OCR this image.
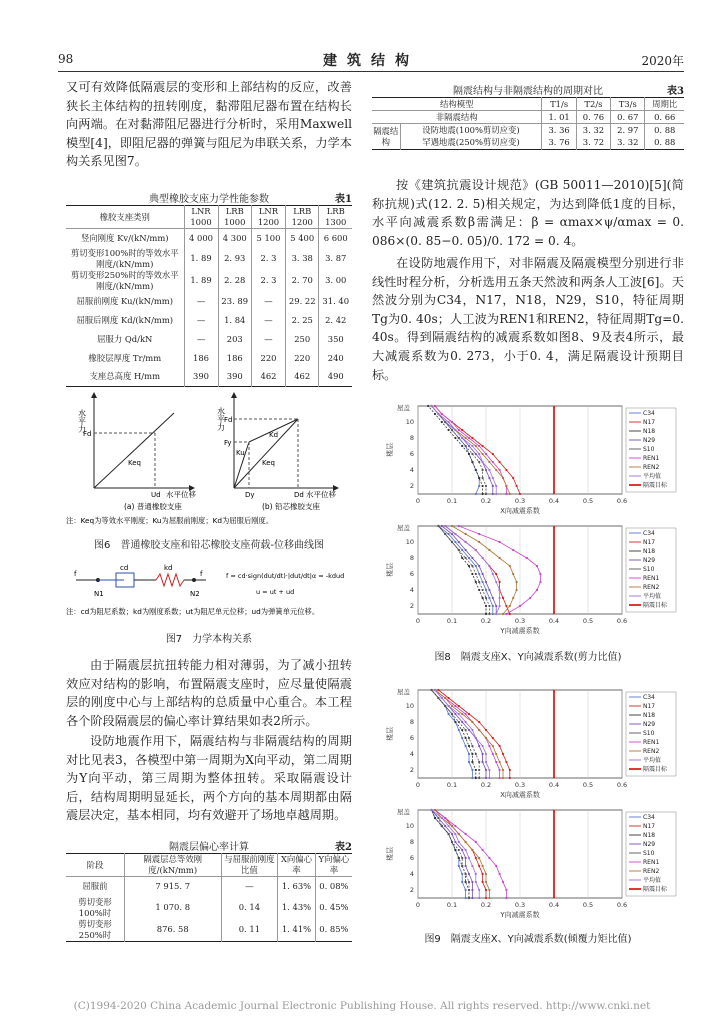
98	建筑结构	2020年
又可有效降低隔震层的变形和上部结构的反应，改善狭长主体结构的扭转刚度，黏滞阻尼器布置在结构长向两端。在对黏滞阻尼器进行分析时，采用Maxwell模型[4]，即阻尼器的弹簧与阻尼为串联关系，力学本构关系见图7。
典型橡胶支座力学性能参数	表1
橡胶支座类别	LNR 1000	LRB 1000	LNR 1200	LRB 1200	LRB 1300
竖向刚度 Kv/(kN/mm)	4 000	4 300	5 100	5 400	6 600
剪切变形100%时的等效水平刚度/(kN/mm)	1. 89	2. 93	2. 3	3. 38	3. 87
剪切变形250%时的等效水平刚度/(kN/mm)	1. 89	2. 28	2. 3	2. 70	3. 00
屈服前刚度 Ku/(kN/mm)	—	23. 89	—	29. 22	31. 40
屈服后刚度 Kd/(kN/mm)	—	1. 84	—	2. 25	2. 42
屈服力 Qd/kN	—	203	—	250	350
橡胶层厚度 Tr/mm	186	186	220	220	240
支座总高度 H/mm	390	390	462	462	490
水平力
Fd
Keq
Ud 水平位移
(a) 普通橡胶支座
水平力
Fd
Fy
Ku
Kd
Keq
Dy	Dd 水平位移
(b) 铅芯橡胶支座
注：Keq为等效水平刚度；Ku为屈服前刚度；Kd为屈服后刚度。
图6　普通橡胶支座和铅芯橡胶支座荷载-位移曲线图
f	f
cd	kd
N1	N2
f = cd·sign(dut/dt)·|dut/dt|α = -kdud
u = ut + ud
注：cd为阻尼系数；kd为刚度系数；ut为阻尼单元位移；ud为弹簧单元位移。
图7　力学本构关系
由于隔震层抗扭转能力相对薄弱，为了减小扭转效应对结构的影响，布置隔震支座时，应尽量使隔震层的刚度中心与上部结构的总质量中心重合。本工程各个阶段隔震层的偏心率计算结果如表2所示。
设防地震作用下，隔震结构与非隔震结构的周期对比见表3，各模型中第一周期为X向平动，第二周期为Y向平动，第三周期为整体扭转。采取隔震设计后，结构周期明显延长，两个方向的基本周期都由隔震层决定，基本相同，均有效避开了场地卓越周期。
隔震层偏心率计算	表2
阶段	隔震层总等效刚度/(kN/mm)	与屈服前刚度比值	X向偏心率	Y向偏心率
屈服前	7 915. 7	—	1. 63%	0. 08%
剪切变形100%时	1 070. 8	0. 14	1. 43%	0. 45%
剪切变形250%时	876. 58	0. 11	1. 41%	0. 85%
隔震结构与非隔震结构的周期对比	表3
结构模型		T1/s	T2/s	T3/s	周期比
非隔震结构		1. 01	0. 76	0. 67	0. 66
隔震结构	设防地震(100%剪切应变)	3. 36	3. 32	2. 97	0. 88
	罕遇地震(250%剪切应变)	3. 76	3. 72	3. 32	0. 88
按《建筑抗震设计规范》(GB 50011—2010)[5](简称抗规)式(12. 2. 5)相关规定，为达到降低1度的目标，水平向减震系数β需满足：β = αmax×ψ/αmax = 0. 086×(0. 85−0. 05)/0. 172 = 0. 4。
在设防地震作用下，对非隔震及隔震模型分别进行非线性时程分析，分析选用五条天然波和两条人工波[6]。天然波分别为C34，N17，N18，N29，S10，特征周期Tg为0. 40s；人工波为REN1和REN2，特征周期Tg=0. 40s。得到隔震结构的减震系数如图8、9及表4所示，最大减震系数为0. 273，小于0. 4，满足隔震设计预期目标。
0	0.1	0.2	0.3	0.4	0.5	0.6
2
4
6
8
10
屋盖
楼层
X向减震系数
C34
N17
N18
N29
S10
REN1
REN2
平均值
隔震目标
0	0.1	0.2	0.3	0.4	0.5	0.6
2
4
6
8
10
屋盖
楼层
Y向减震系数
C34
N17
N18
N29
S10
REN1
REN2
平均值
隔震目标
图8　隔震支座X、Y向减震系数(剪力比值)
0	0.1	0.2	0.3	0.4	0.5	0.6
2
4
6
8
10
屋盖
楼层
X向减震系数
C34
N17
N18
N29
S10
REN1
REN2
平均值
隔震目标
0	0.1	0.2	0.3	0.4	0.5	0.6
2
4
6
8
10
屋盖
楼层
Y向减震系数
C34
N17
N18
N29
S10
REN1
REN2
平均值
隔震目标
图9　隔震支座X、Y向减震系数(倾覆力矩比值)
(C)1994-2020 China Academic Journal Electronic Publishing House. All rights reserved. http://www.cnki.net
